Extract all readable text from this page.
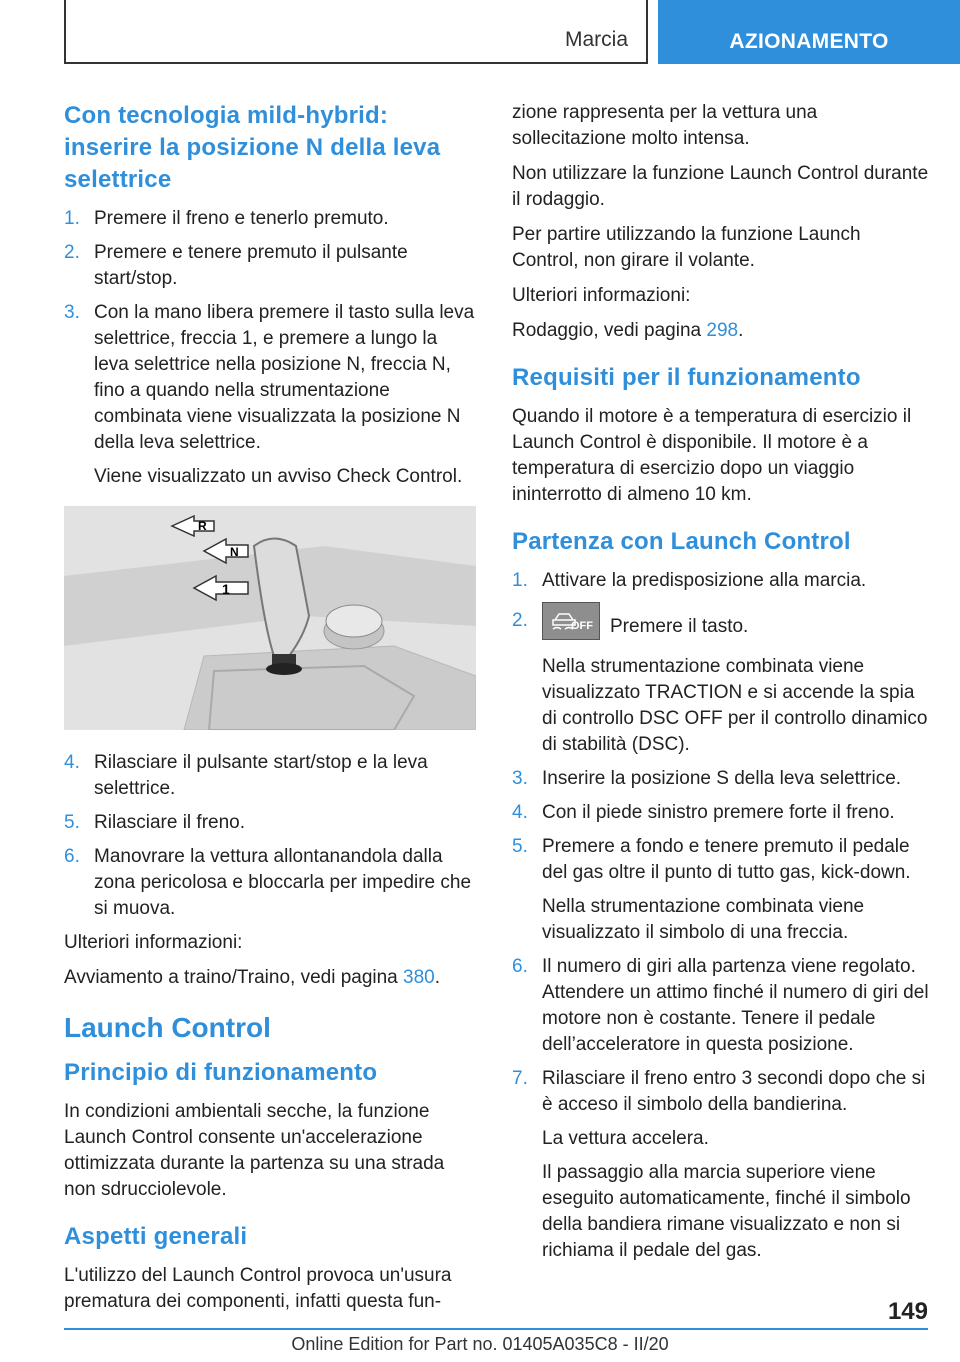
Marcia	AZIONAMENTO
Con tecnologia mild-hybrid: inserire la posizione N della leva selettrice
1. Premere il freno e tenerlo premuto.
2. Premere e tenere premuto il pulsante start/stop.
3. Con la mano libera premere il tasto sulla leva selettrice, freccia 1, e premere a lungo la leva selettrice nella posizione N, freccia N, fino a quando nella strumentazione combinata viene visualizzata la posizione N della leva selettrice.
Viene visualizzato un avviso Check Control.
R
N
1
4. Rilasciare il pulsante start/stop e la leva selettrice.
5. Rilasciare il freno.
6. Manovrare la vettura allontanandola dalla zona pericolosa e bloccarla per impedire che si muova.

Ulteriori informazioni:

Avviamento a traino/Traino, vedi pagina 380.

Launch Control
Principio di funzionamento

In condizioni ambientali secche, la funzione Launch Control consente un'accelerazione ottimizzata durante la partenza su una strada non sdrucciolevole.

Aspetti generali

L'utilizzo del Launch Control provoca un'usura prematura dei componenti, infatti questa fun-

zione rappresenta per la vettura una sollecitazione molto intensa.

Non utilizzare la funzione Launch Control durante il rodaggio.

Per partire utilizzando la funzione Launch Control, non girare il volante.

Ulteriori informazioni:

Rodaggio, vedi pagina 298.

Requisiti per il funzionamento

Quando il motore è a temperatura di esercizio il Launch Control è disponibile. Il motore è a temperatura di esercizio dopo un viaggio ininterrotto di almeno 10 km.

Partenza con Launch Control
1. Attivare la predisposizione alla marcia.
2.	OFF Premere il tasto.
Nella strumentazione combinata viene visualizzato TRACTION e si accende la spia di controllo DSC OFF per il controllo dinamico di stabilità (DSC).
3. Inserire la posizione S della leva selettrice.
4. Con il piede sinistro premere forte il freno.
5. Premere a fondo e tenere premuto il pedale del gas oltre il punto di tutto gas, kick-down.
Nella strumentazione combinata viene visualizzato il simbolo di una freccia.
6. Il numero di giri alla partenza viene regolato. Attendere un attimo finché il numero di giri del motore non è costante. Tenere il pedale dell’acceleratore in questa posizione.
7. Rilasciare il freno entro 3 secondi dopo che si è acceso il simbolo della bandierina.
La vettura accelera.
Il passaggio alla marcia superiore viene eseguito automaticamente, finché il simbolo della bandiera rimane visualizzato e non si richiama il pedale del gas.
149
Online Edition for Part no. 01405A035C8 - II/20
